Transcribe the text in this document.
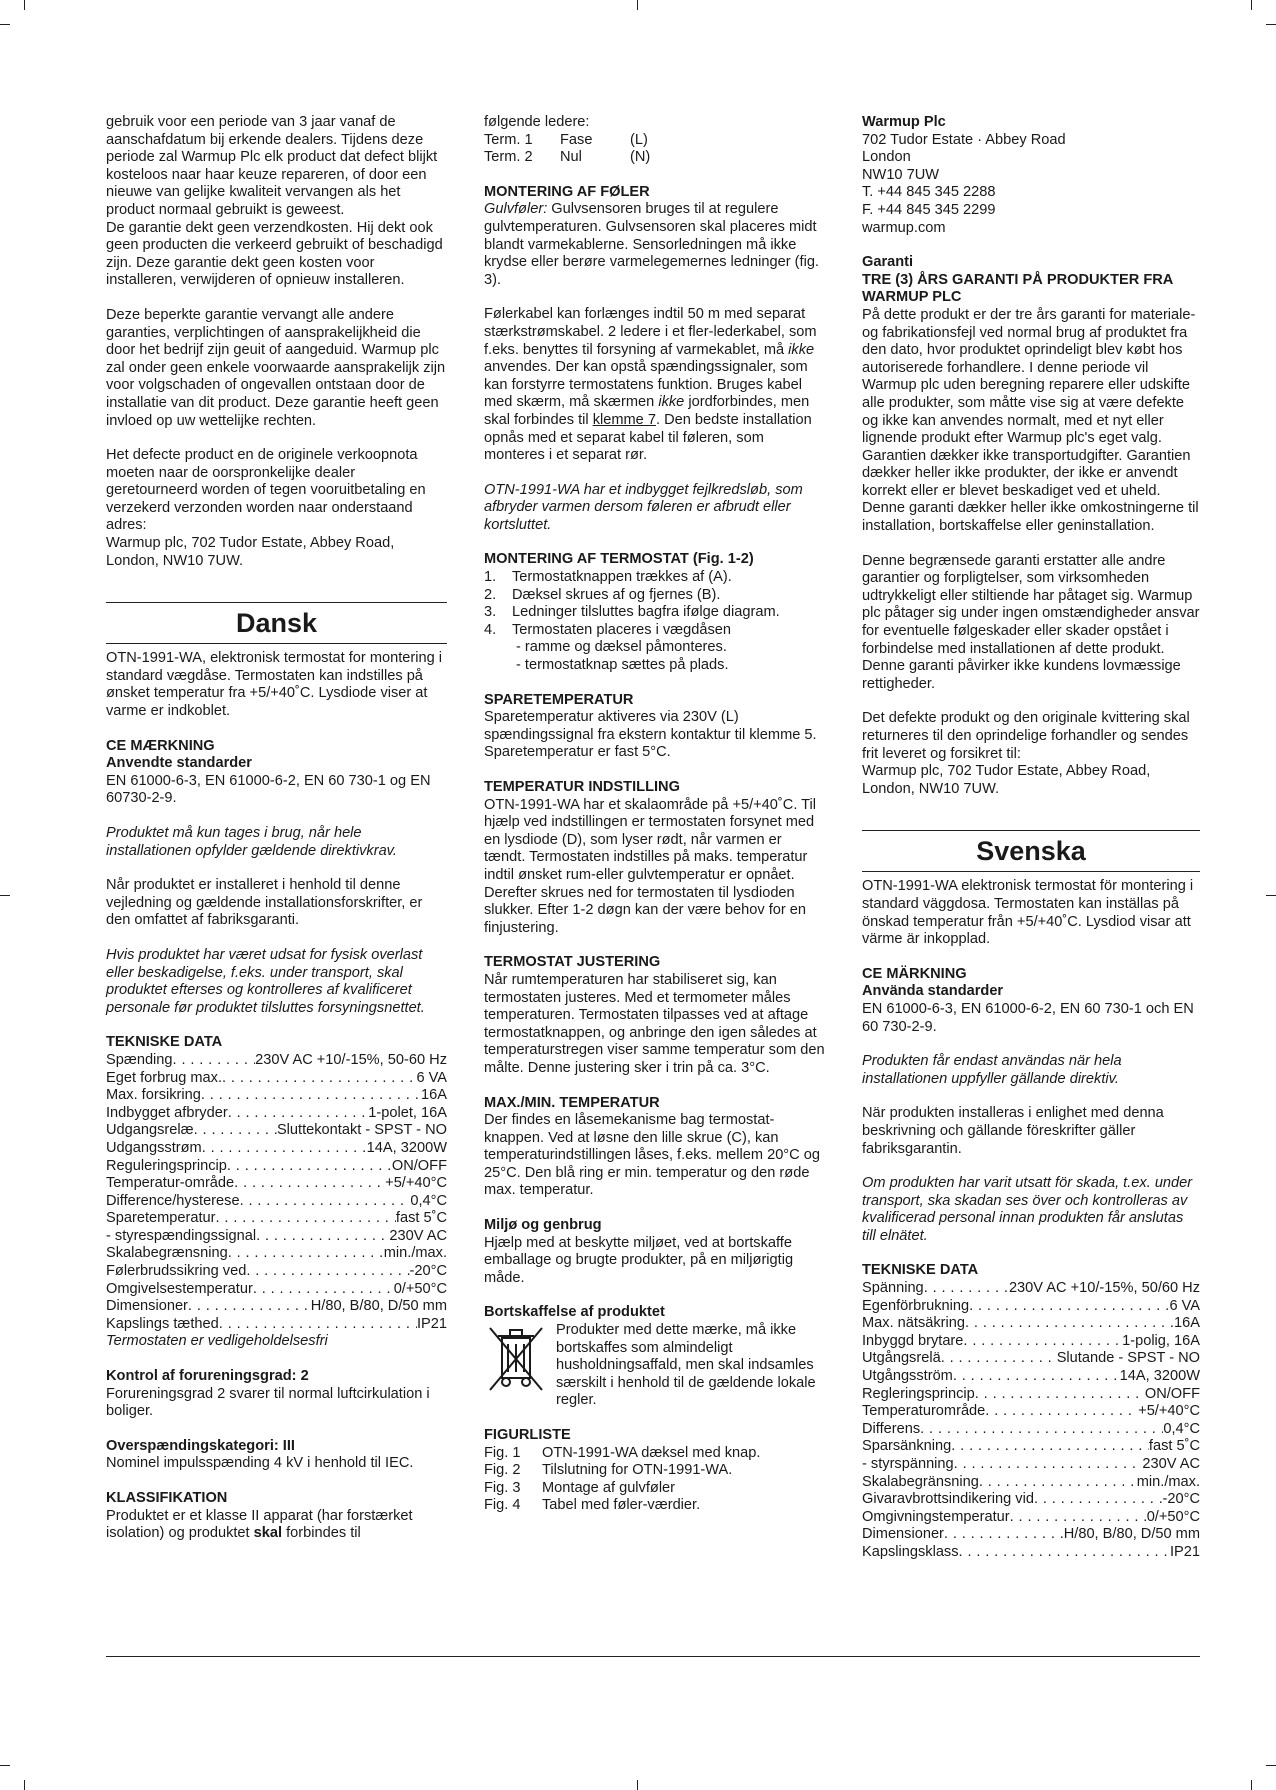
gebruik voor een periode van 3 jaar vanaf de aanschafdatum bij erkende dealers. Tijdens deze periode zal Warmup Plc elk product dat defect blijkt kosteloos naar haar keuze repareren, of door een nieuwe van gelijke kwaliteit vervangen als het product normaal gebruikt is geweest.

De garantie dekt geen verzendkosten. Hij dekt ook geen producten die verkeerd gebruikt of beschadigd zijn. Deze garantie dekt geen kosten voor installeren, verwijderen of opnieuw installeren.

Deze beperkte garantie vervangt alle andere garanties, verplichtingen of aansprakelijkheid die door het bedrijf zijn geuit of aangeduid. Warmup plc zal onder geen enkele voorwaarde aansprakelijk zijn voor volgschaden of ongevallen ontstaan door de installatie van dit product. Deze garantie heeft geen invloed op uw wettelijke rechten.

Het defecte product en de originele verkoopnota moeten naar de oorspronkelijke dealer geretourneerd worden of tegen vooruitbetaling en verzekerd verzonden worden naar onderstaand adres:

Warmup plc, 702 Tudor Estate, Abbey Road, London, NW10 7UW.

Dansk

OTN-1991-WA, elektronisk termostat for montering i standard vægdåse. Termostaten kan indstilles på ønsket temperatur fra +5/+40˚C. Lysdiode viser at varme er indkoblet.

CE MÆRKNING

Anvendte standarder

EN 61000-6-3, EN 61000-6-2, EN 60 730-1 og EN 60730-2-9.

Produktet må kun tages i brug, når hele installationen opfylder gældende direktivkrav.

Når produktet er installeret i henhold til denne vejledning og gældende installationsforskrifter, er den omfattet af fabriksgaranti.

Hvis produktet har været udsat for fysisk overlast eller beskadigelse, f.eks. under transport, skal produktet efterses og kontrolleres af kvalificeret personale før produktet tilsluttes forsyningsnettet.

TEKNISKE DATA

Spænding . . .	230V AC +10/-15%, 50-60 Hz
Eget forbrug max. . . .	6 VA
Max. forsikring . . .	16A
Indbygget afbryder . . .	1-polet, 16A
Udgangsrelæ . . .	Sluttekontakt - SPST - NO
Udgangsstrøm . . .	14A, 3200W
Reguleringsprincip . . .	ON/OFF
Temperatur-område . . .	+5/+40°C
Difference/hysterese . . .	0,4°C
Sparetemperatur . . .	fast 5˚C
- styrespændingssignal . . .	230V AC
Skalabegrænsning . . .	min./max.
Følerbrudssikring ved . . .	-20°C
Omgivelsestemperatur . . .	0/+50°C
Dimensioner . . .	H/80, B/80, D/50 mm
Kapslings tæthed . . .	IP21

Termostaten er vedligeholdelsesfri

Kontrol af forureningsgrad: 2

Forureningsgrad 2 svarer til normal luftcirkulation i boliger.

Overspændingskategori: III

Nominel impulsspænding 4 kV i henhold til IEC.

KLASSIFIKATION

Produktet er et klasse II apparat (har forstærket isolation) og produktet skal forbindes til

følgende ledere:

Term. 1	Fase	(L)
Term. 2	Nul	(N)

MONTERING AF FØLER

Gulvføler: Gulvsensoren bruges til at regulere gulvtemperaturen. Gulvsensoren skal placeres midt blandt varmekablerne. Sensorledningen må ikke krydse eller berøre varmelegemernes ledninger (fig. 3).

Følerkabel kan forlænges indtil 50 m med separat stærkstrømskabel. 2 ledere i et fler-lederkabel, som f.eks. benyttes til forsyning af varmekablet, må ikke anvendes. Der kan opstå spændingssignaler, som kan forstyrre termostatens funktion. Bruges kabel med skærm, må skærmen ikke jordforbindes, men skal forbindes til klemme 7. Den bedste installation opnås med et separat kabel til føleren, som monteres i et separat rør.

OTN-1991-WA har et indbygget fejlkredsløb, som afbryder varmen dersom føleren er afbrudt eller kortsluttet.

MONTERING AF TERMOSTAT (Fig. 1-2)

1.	Termostatknappen trækkes af (A).
2.	Dæksel skrues af og fjernes (B).
3.	Ledninger tilsluttes bagfra ifølge diagram.
4.	Termostaten placeres i vægdåsen

- ramme og dæksel påmonteres.

- termostatknap sættes på plads.

SPARETEMPERATUR

Sparetemperatur aktiveres via 230V (L) spændingssignal fra ekstern kontaktur til klemme 5. Sparetemperatur er fast 5°C.

TEMPERATUR INDSTILLING

OTN-1991-WA har et skalaområde på +5/+40˚C. Til hjælp ved indstillingen er termostaten forsynet med en lysdiode (D), som lyser rødt, når varmen er tændt. Termostaten indstilles på maks. temperatur indtil ønsket rum-eller gulvtemperatur er opnået. Derefter skrues ned for termostaten til lysdioden slukker. Efter 1-2 døgn kan der være behov for en finjustering.

TERMOSTAT JUSTERING

Når rumtemperaturen har stabiliseret sig, kan termostaten justeres. Med et termometer måles temperaturen. Termostaten tilpasses ved at aftage termostatknappen, og anbringe den igen således at temperaturstregen viser samme temperatur som den målte. Denne justering sker i trin på ca. 3°C.

MAX./MIN. TEMPERATUR

Der findes en låsemekanisme bag termostat-knappen. Ved at løsne den lille skrue (C), kan temperaturindstillingen låses, f.eks. mellem 20°C og 25°C. Den blå ring er min. temperatur og den røde max. temperatur.

Miljø og genbrug

Hjælp med at beskytte miljøet, ved at bortskaffe emballage og brugte produkter, på en miljørigtig måde.

Bortskaffelse af produktet

Produkter med dette mærke, må ikke bortskaffes som almindeligt husholdningsaffald, men skal indsamles særskilt i henhold til de gældende lokale regler.

FIGURLISTE

Fig. 1	OTN-1991-WA dæksel med knap.
Fig. 2	Tilslutning for OTN-1991-WA.
Fig. 3	Montage af gulvføler
Fig. 4	Tabel med føler-værdier.

Warmup Plc

702 Tudor Estate · Abbey Road

London

NW10 7UW

T. +44 845 345 2288

F. +44 845 345 2299

warmup.com

Garanti

TRE (3) ÅRS GARANTI PÅ PRODUKTER FRA WARMUP PLC

På dette produkt er der tre års garanti for materiale- og fabrikationsfejl ved normal brug af produktet fra den dato, hvor produktet oprindeligt blev købt hos autoriserede forhandlere. I denne periode vil Warmup plc uden beregning reparere eller udskifte alle produkter, som måtte vise sig at være defekte og ikke kan anvendes normalt, med et nyt eller lignende produkt efter Warmup plc's eget valg. Garantien dækker ikke transportudgifter. Garantien dækker heller ikke produkter, der ikke er anvendt korrekt eller er blevet beskadiget ved et uheld. Denne garanti dækker heller ikke omkostningerne til installation, bortskaffelse eller geninstallation.

Denne begrænsede garanti erstatter alle andre garantier og forpligtelser, som virksomheden udtrykkeligt eller stiltiende har påtaget sig. Warmup plc påtager sig under ingen omstændigheder ansvar for eventuelle følgeskader eller skader opstået i forbindelse med installationen af dette produkt. Denne garanti påvirker ikke kundens lovmæssige rettigheder.

Det defekte produkt og den originale kvittering skal returneres til den oprindelige forhandler og sendes frit leveret og forsikret til:

Warmup plc, 702 Tudor Estate, Abbey Road, London, NW10 7UW.

Svenska

OTN-1991-WA elektronisk termostat för montering i standard väggdosa. Termostaten kan inställas på önskad temperatur från +5/+40˚C. Lysdiod visar att värme är inkopplad.

CE MÄRKNING

Använda standarder

EN 61000-6-3, EN 61000-6-2, EN 60 730-1 och EN 60 730-2-9.

Produkten får endast användas när hela installationen uppfyller gällande direktiv.

När produkten installeras i enlighet med denna beskrivning och gällande föreskrifter gäller fabriksgarantin.

Om produkten har varit utsatt för skada, t.ex. under transport, ska skadan ses över och kontrolleras av kvalificerad personal innan produkten får anslutas till elnätet.

TEKNISKE DATA

Spänning . . .	230V AC +10/-15%, 50/60 Hz
Egenförbrukning . . .	6 VA
Max. nätsäkring . . .	16A
Inbyggd brytare . . .	1-polig, 16A
Utgångsrelä . . .	Slutande - SPST - NO
Utgångsström . . .	14A, 3200W
Regleringsprincip . . .	ON/OFF
Temperaturområde . . .	+5/+40°C
Differens . . .	0,4°C
Sparsänkning . . .	fast 5˚C
- styrspänning . . .	230V AC
Skalabegränsning . . .	min./max.
Givaravbrottsindikering vid . . .	-20°C
Omgivningstemperatur . . .	0/+50°C
Dimensioner . . .	H/80, B/80, D/50 mm
Kapslingsklass . . .	IP21
